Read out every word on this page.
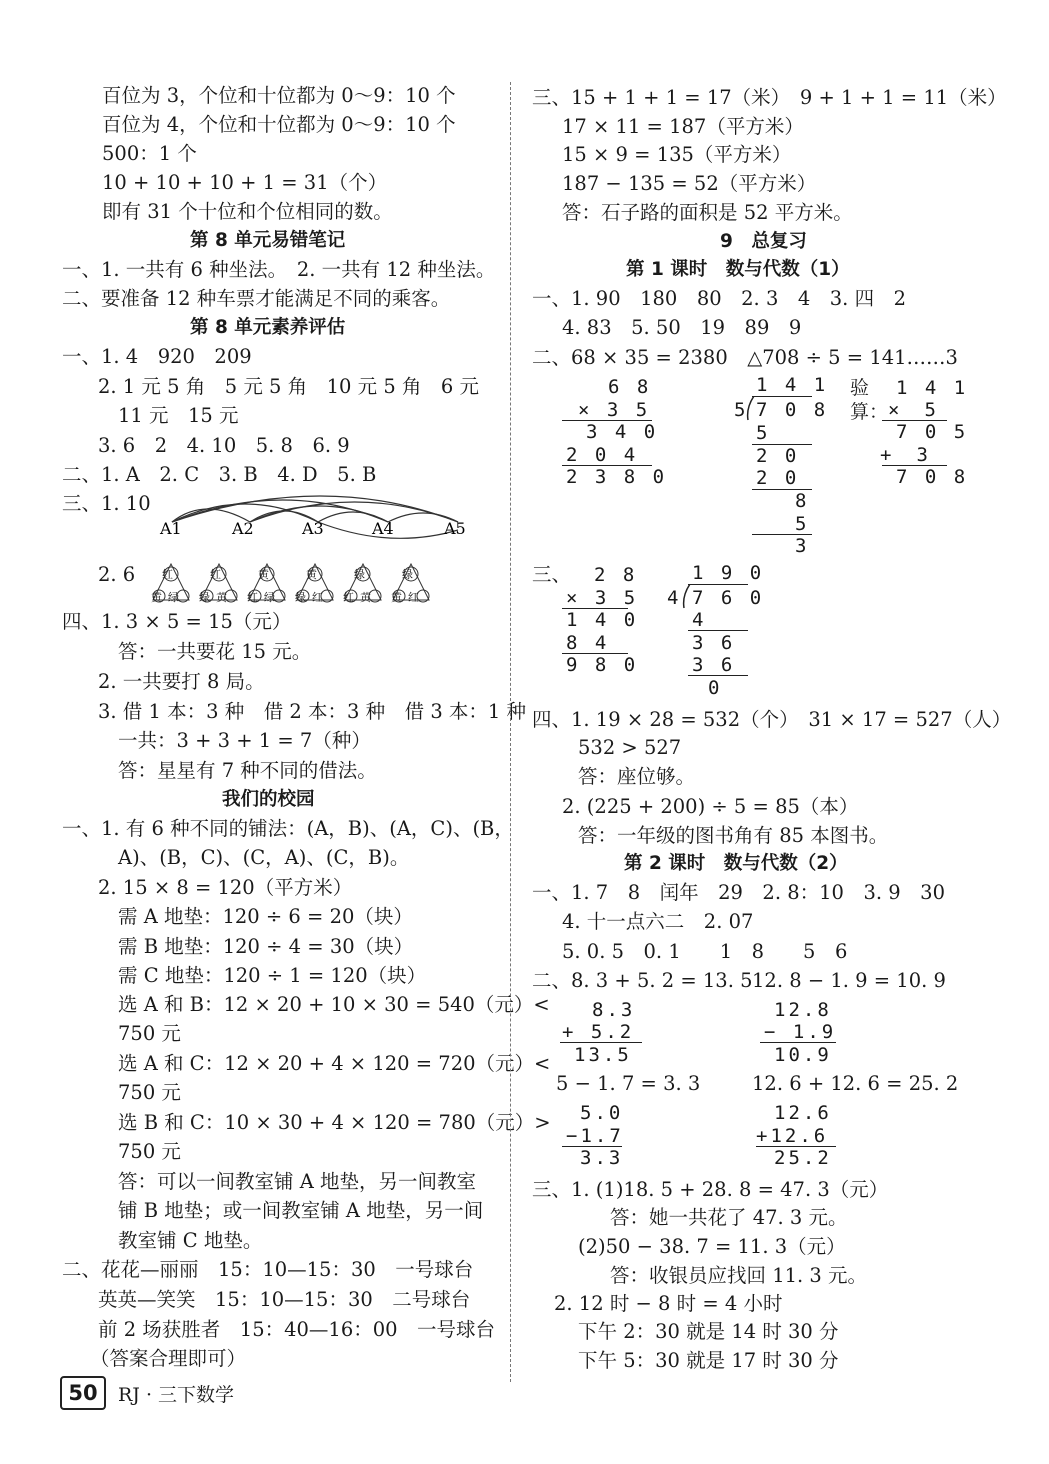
百位为 3，个位和十位都为 0～9：10 个
百位为 4，个位和十位都为 0～9：10 个
500：1 个
10 + 10 + 10 + 1 = 31（个）
即有 31 个十位和个位相同的数。
第 8 单元易错笔记
一、1. 一共有 6 种坐法。　2. 一共有 12 种坐法。
二、要准备 12 种车票才能满足不同的乘客。
第 8 单元素养评估
一、1. 4　920　209
2. 1 元 5 角　5 元 5 角　10 元 5 角　6 元
11 元　15 元
3. 6　2　4. 10　5. 8　6. 9
二、1. A　2. C　3. B　4. D　5. B
三、1. 10
A1	A2	A3	A4	A5
2. 6 红	红	黄	黄	绿	绿
黄绿 绿黄 红绿 绿红 红黄 黄红
四、1. 3 × 5 = 15（元）
答：一共要花 15 元。
2. 一共要打 8 局。
3. 借 1 本：3 种　借 2 本：3 种　借 3 本：1 种
一共：3 + 3 + 1 = 7（种）
答：星星有 7 种不同的借法。
我们的校园
一、1. 有 6 种不同的铺法：(A，B)、(A，C)、(B，
A)、(B，C)、(C，A)、(C，B)。
2. 15 × 8 = 120（平方米）
需 A 地垫：120 ÷ 6 = 20（块）
需 B 地垫：120 ÷ 4 = 30（块）
需 C 地垫：120 ÷ 1 = 120（块）
选 A 和 B：12 × 20 + 10 × 30 = 540（元）<
750 元
选 A 和 C：12 × 20 + 4 × 120 = 720（元）<
750 元
选 B 和 C：10 × 30 + 4 × 120 = 780（元）>
750 元
答：可以一间教室铺 A 地垫，另一间教室
铺 B 地垫；或一间教室铺 A 地垫，另一间
教室铺 C 地垫。
二、花花—丽丽　15：10—15：30　一号球台
英英—笑笑　15：10—15：30　二号球台
前 2 场获胜者　15：40—16：00　一号球台
（答案合理即可）
三、15 + 1 + 1 = 17（米）　9 + 1 + 1 = 11（米）
17 × 11 = 187（平方米）
15 × 9 = 135（平方米）
187 − 135 = 52（平方米）
答：石子路的面积是 52 平方米。
9　总复习
第 1 课时　数与代数（1）
一、1. 90　180　80　2. 3　4　3. 四　2
4. 83　5. 50　19　89　9
二、68 × 35 = 2380　△708 ÷ 5 = 141……3
6 8
× 3 5
3 4 0
2 0 4
2 3 8 0
1 4 1
5 7 0 8
5
2 0
2 0
8
5
3
验算：
1 4 1
×　5
7 0 5
+　3
7 0 8
三、 2 8
× 3 5
1 4 0
8 4
9 8 0
1 9 0
4 7 6 0
4
3 6
3 6
0
四、1. 19 × 28 = 532（个）　31 × 17 = 527（人）
532 > 527
答：座位够。
2. (225 + 200) ÷ 5 = 85（本）
答：一年级的图书角有 85 本图书。
第 2 课时　数与代数（2）
一、1. 7　8　闰年　29　2. 8：10　3. 9　30
4. 十一点六二　2. 07
5. 0. 5　0. 1　　1　8　　5　6
二、8. 3 + 5. 2 = 13. 5 12. 8 − 1. 9 = 10. 9
8.3
+ 5.2
13.5
12.8
− 1.9
10.9
5 − 1. 7 = 3. 3	12. 6 + 12. 6 = 25. 2
5.0
−1.7
3.3
12.6
+12.6
25.2
三、1. (1)18. 5 + 28. 8 = 47. 3（元）
答：她一共花了 47. 3 元。
(2)50 − 38. 7 = 11. 3（元）
答：收银员应找回 11. 3 元。
2. 12 时 − 8 时 = 4 小时
下午 2：30 就是 14 时 30 分
下午 5：30 就是 17 时 30 分
50	RJ · 三下数学
